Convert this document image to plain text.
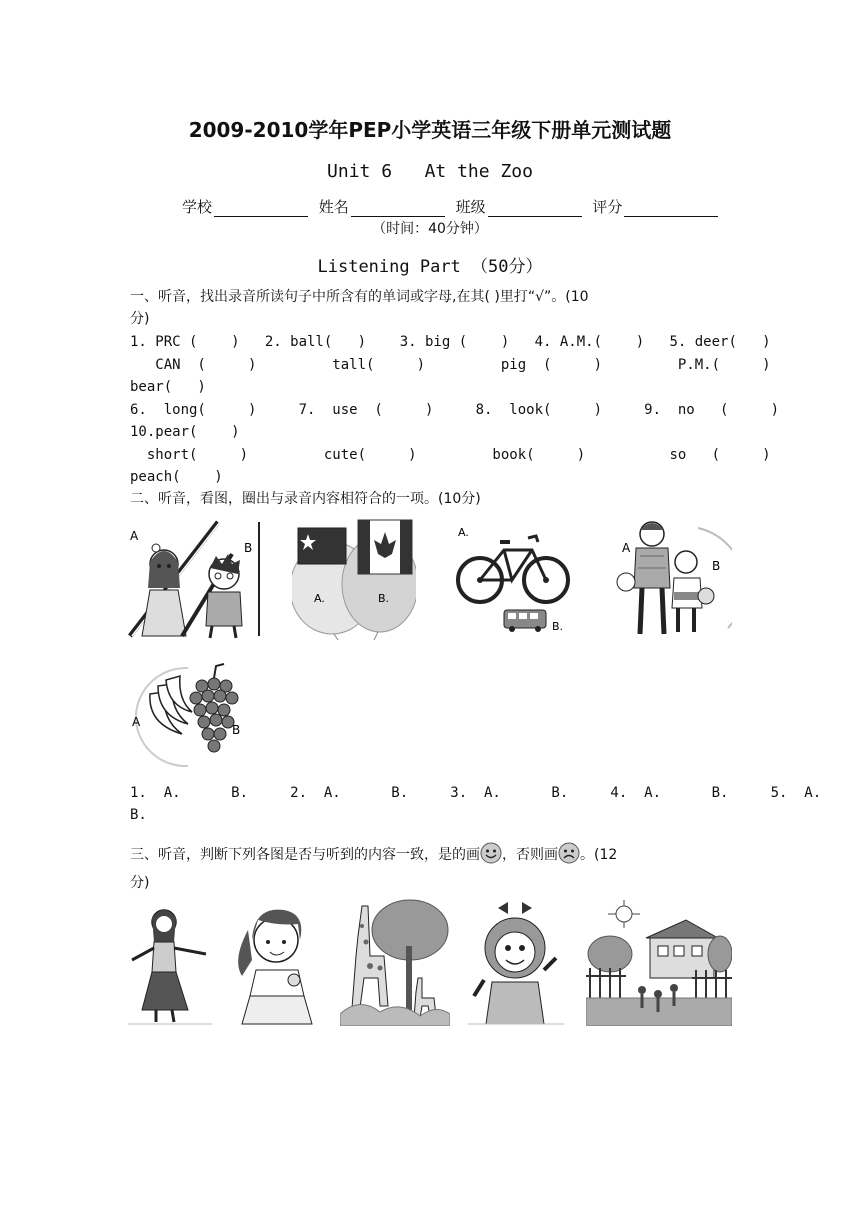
2009-2010学年PEP小学英语三年级下册单元测试题
Unit 6   At the Zoo
学校	姓名	班级	评分
（时间：40分钟）
Listening Part （50分）
一、听音，找出录音所读句子中所含有的单词或字母,在其( )里打“√”。(10
分)
1. PRC (    )   2. ball(   )    3. big (    )   4. A.M.(    )   5. deer(   )
CAN  (     )         tall(     )         pig  (     )         P.M.(     )
bear(   )
6.  long(     )     7.  use  (     )     8.  look(     )     9.  no   (     )
10.pear(    )
short(     )         cute(     )         book(     )          so   (     )
peach(    )
二、听音，看图，圈出与录音内容相符合的一项。(10分)
A
B
A.	B.
A.
B.
A
B
A
B
1.  A.      B.     2.  A.      B.     3.  A.      B.     4.  A.      B.     5.  A.
B.
三、听音，判断下列各图是否与听到的内容一致，是的画 ，否则画 。(12
分)
